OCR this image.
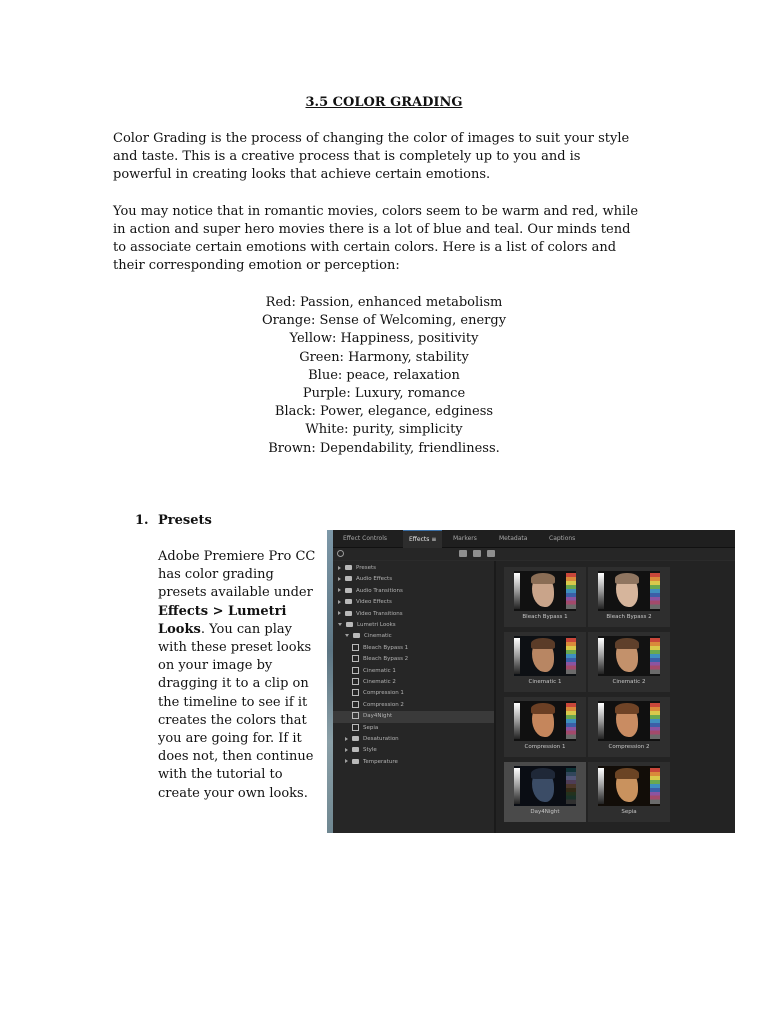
3.5 COLOR GRADING

Color Grading is the process of changing the color of images to suit your style and taste. This is a creative process that is completely up to you and is powerful in creating looks that achieve certain emotions.

You may notice that in romantic movies, colors seem to be warm and red, while in action and super hero movies there is a lot of blue and teal. Our minds tend to associate certain emotions with certain colors. Here is a list of colors and their corresponding emotion or perception:

Red: Passion, enhanced metabolism
Orange: Sense of Welcoming, energy
Yellow: Happiness, positivity
Green: Harmony, stability
Blue: peace, relaxation
Purple: Luxury, romance
Black: Power, elegance, edginess
White: purity, simplicity
Brown: Dependability, friendliness.
1. Presets

Adobe Premiere Pro CC has color grading presets available under Effects > Lumetri Looks. You can play with these preset looks on your image by dragging it to a clip on the timeline to see if it creates the colors that you are going for. If it does not, then continue with the tutorial to create your own looks.

Effect Controls	Effects ≡	Markers	Metadata	Captions
Presets
Audio Effects
Audio Transitions
Video Effects
Video Transitions
Lumetri Looks
Cinematic
Bleach Bypass 1
Bleach Bypass 2
Cinematic 1
Cinematic 2
Compression 1
Compression 2
Day4Night
Sepia
Desaturation
Style
Temperature
Bleach Bypass 1	Bleach Bypass 2
Cinematic 1	Cinematic 2
Compression 1	Compression 2
Day4Night	Sepia
